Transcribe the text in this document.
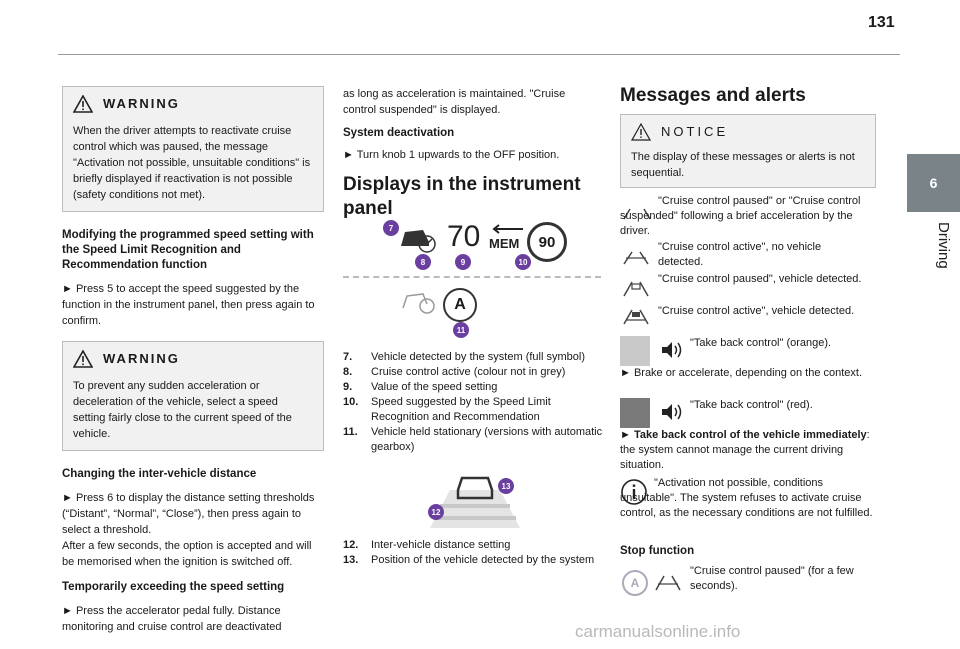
131
6
Driving
WARNING

When the driver attempts to reactivate cruise control which was paused, the message "Activation not possible, unsuitable conditions" is briefly displayed if reactivation is not possible (safety conditions not met).

Modifying the programmed speed setting with the Speed Limit Recognition and Recommendation function

► Press 5 to accept the speed suggested by the function in the instrument panel, then press again to confirm.

WARNING

To prevent any sudden acceleration or deceleration of the vehicle, select a speed setting fairly close to the current speed of the vehicle.

Changing the inter-vehicle distance

► Press 6 to display the distance setting thresholds (“Distant”, “Normal”, “Close”), then press again to select a threshold.

After a few seconds, the option is accepted and will be memorised when the ignition is switched off.

Temporarily exceeding the speed setting

► Press the accelerator pedal fully. Distance monitoring and cruise control are deactivated

as long as acceleration is maintained. "Cruise control suspended" is displayed.

System deactivation

► Turn knob 1 upwards to the OFF position.

Displays in the instrument panel

70 MEM	90
7
8	9	10
A
11
7.	Vehicle detected by the system (full symbol)
8.	Cruise control active (colour not in grey)
9.	Value of the speed setting
10.	Speed suggested by the Speed Limit Recognition and Recommendation
11.	Vehicle held stationary (versions with automatic gearbox)
13
12
12.	Inter-vehicle distance setting
13.	Position of the vehicle detected by the system
Messages and alerts
NOTICE

The display of these messages or alerts is not sequential.

"Cruise control paused" or "Cruise control suspended" following a brief acceleration by the driver.
"Cruise control active", no vehicle detected.
"Cruise control paused", vehicle detected.
"Cruise control active", vehicle detected.
"Take back control" (orange).
► Brake or accelerate, depending on the context.
"Take back control" (red).
► Take back control of the vehicle immediately: the system cannot manage the current driving situation.
"Activation not possible, conditions unsuitable". The system refuses to activate cruise control, as the necessary conditions are not fulfilled.
Stop function
A
"Cruise control paused" (for a few seconds).
carmanualsonline.info
